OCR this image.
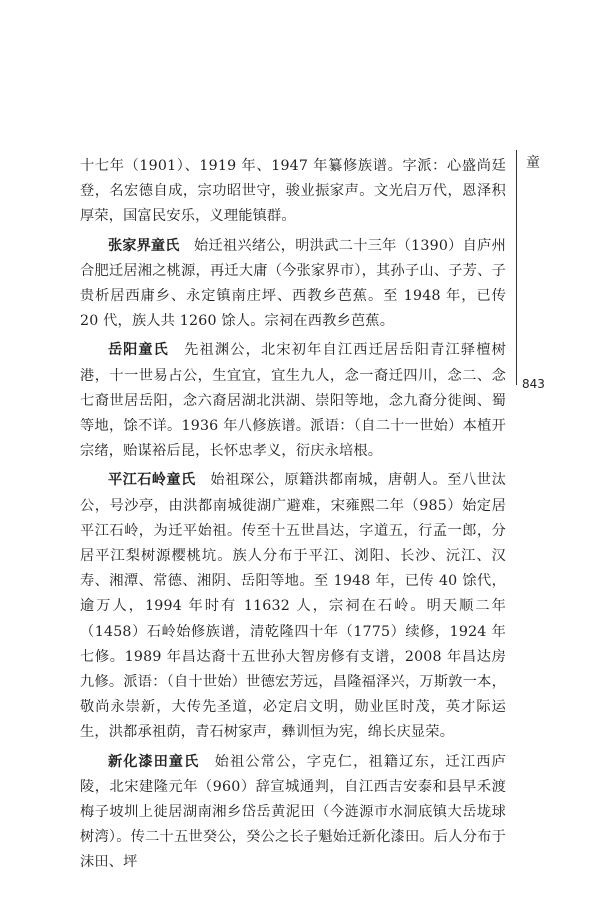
童
843

十七年（1901）、1919 年、1947 年纂修族谱。字派：心盛尚廷登，名宏德自成，宗功昭世守，骏业振家声。文光启万代，恩泽积厚荣，国富民安乐，义理能镇群。

张家界童氏　 始迁祖兴绪公，明洪武二十三年（1390）自庐州合肥迁居湘之桃源，再迁大庸（今张家界市），其孙子山、子芳、子贵析居西庸乡、永定镇南庄坪、西教乡芭蕉。至 1948 年，已传 20 代，族人共 1260 馀人。宗祠在西教乡芭蕉。

岳阳童氏　 先祖渊公，北宋初年自江西迁居岳阳青江驿檀树港，十一世易占公，生宜宜，宜生九人，念一裔迁四川，念二、念七裔世居岳阳，念六裔居湖北洪湖、崇阳等地，念九裔分徙闽、蜀等地，馀不详。1936 年八修族谱。派语：（自二十一世始）本植开宗绪，贻谋裕后昆，长怀忠孝义，衍庆永培根。

平江石岭童氏　 始祖琛公，原籍洪都南城，唐朝人。至八世汰公，号沙亭，由洪都南城徙湖广避难，宋雍熙二年（985）始定居平江石岭，为迁平始祖。传至十五世昌达，字道五，行孟一郎，分居平江梨树源樱桃坑。族人分布于平江、浏阳、长沙、沅江、汉寿、湘潭、常德、湘阴、岳阳等地。至 1948 年，已传 40 馀代，逾万人，1994 年时有 11632 人，宗祠在石岭。明天顺二年（1458）石岭始修族谱，清乾隆四十年（1775）续修，1924 年七修。1989 年昌达裔十五世孙大智房修有支谱，2008 年昌达房九修。派语：（自十世始）世德宏芳远，昌隆福泽兴，万斯敦一本，敬尚永崇新，大传先圣道，必定启文明，勋业匡时茂，英才际运生，洪都承祖荫，青石树家声，彝训恒为宪，绵长庆显荣。

新化漆田童氏　 始祖公常公，字克仁，祖籍辽东，迁江西庐陵，北宋建隆元年（960）辞宣城通判，自江西吉安泰和县早禾渡梅子坡圳上徙居湖南湘乡岱岳黄泥田（今涟源市水洞底镇大岳垅球树湾）。传二十五世癸公，癸公之长子魁始迁新化漆田。后人分布于沫田、坪
